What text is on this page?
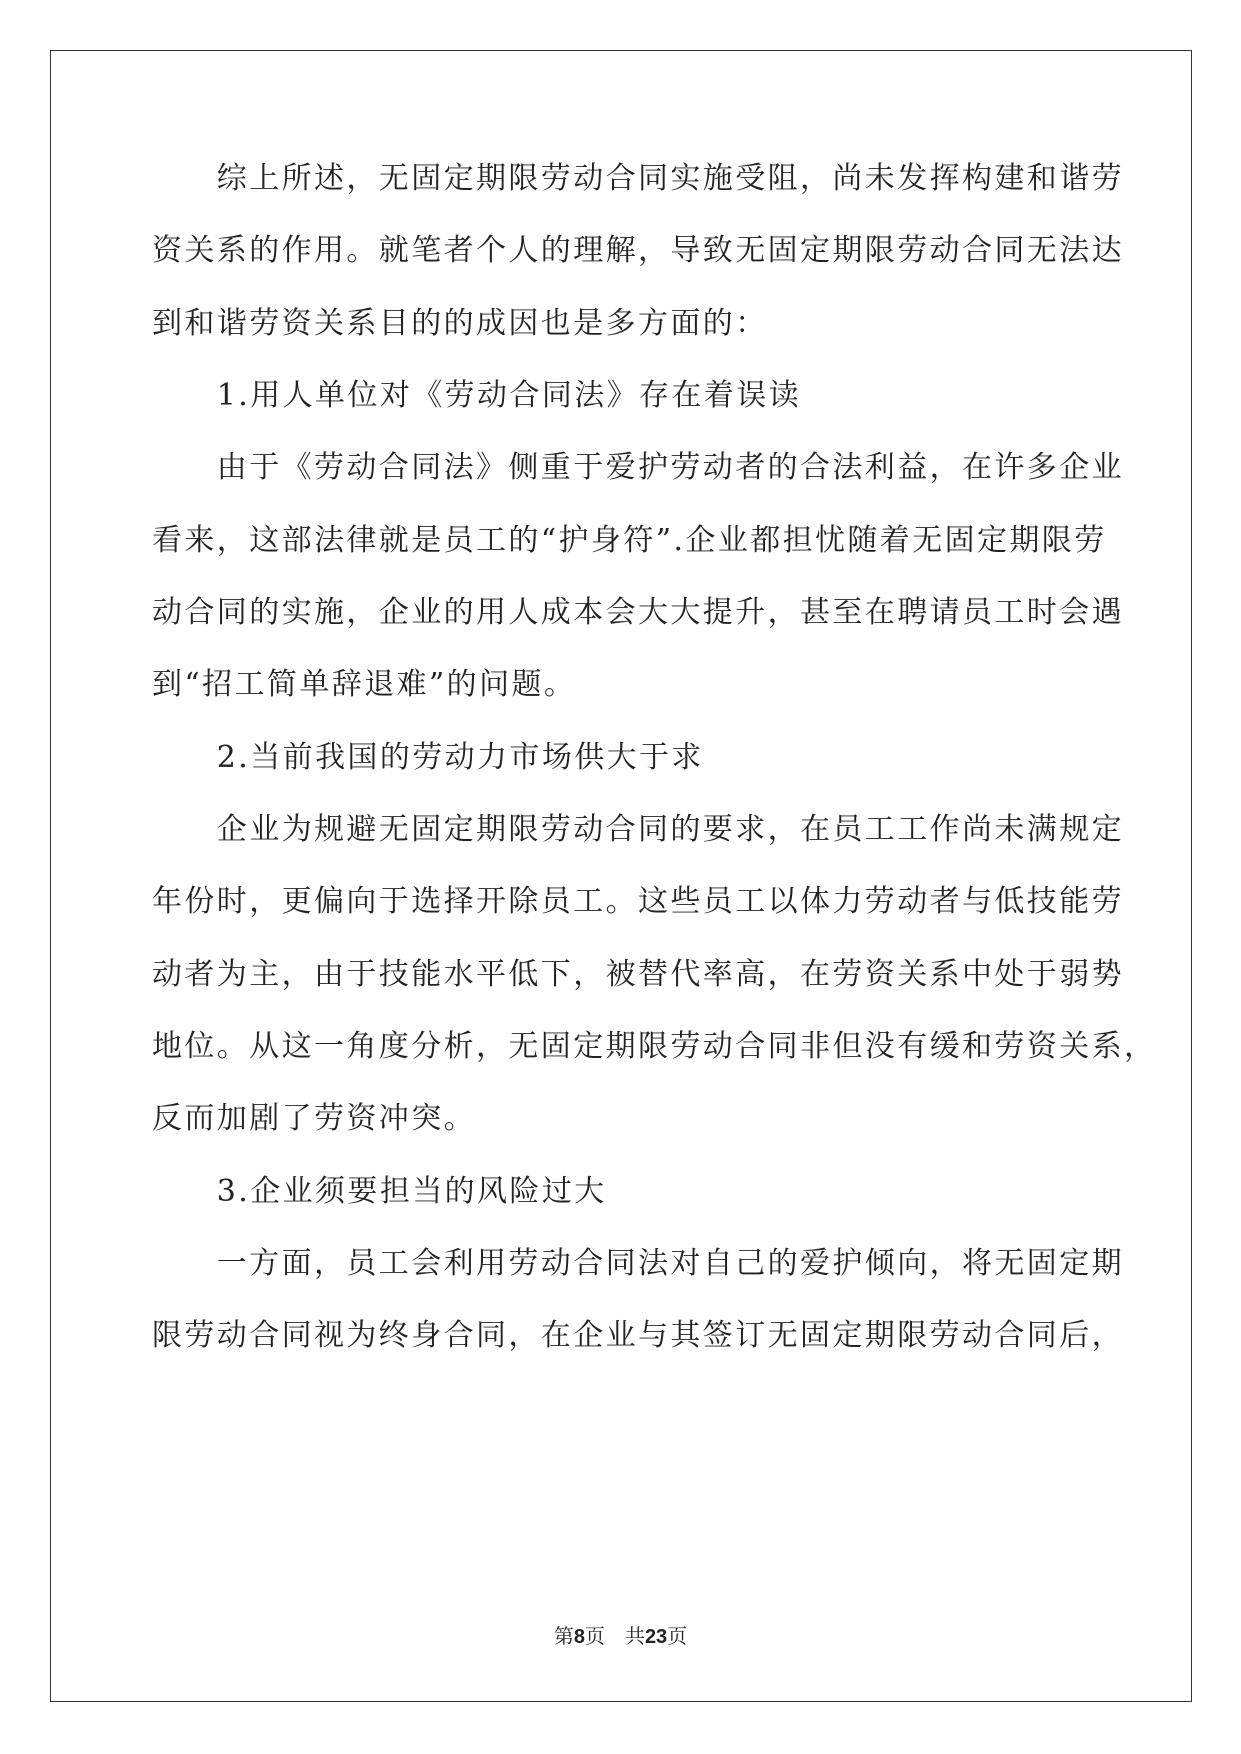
　　综上所述，无固定期限劳动合同实施受阻，尚未发挥构建和谐劳
资关系的作用。就笔者个人的理解，导致无固定期限劳动合同无法达
到和谐劳资关系目的的成因也是多方面的：
　　1.用人单位对《劳动合同法》存在着误读
　　由于《劳动合同法》侧重于爱护劳动者的合法利益，在许多企业
看来，这部法律就是员工的“护身符”.企业都担忧随着无固定期限劳
动合同的实施，企业的用人成本会大大提升，甚至在聘请员工时会遇
到“招工简单辞退难”的问题。
　　2.当前我国的劳动力市场供大于求
　　企业为规避无固定期限劳动合同的要求，在员工工作尚未满规定
年份时，更偏向于选择开除员工。这些员工以体力劳动者与低技能劳
动者为主，由于技能水平低下，被替代率高，在劳资关系中处于弱势
地位。从这一角度分析，无固定期限劳动合同非但没有缓和劳资关系，
反而加剧了劳资冲突。
　　3.企业须要担当的风险过大
　　一方面，员工会利用劳动合同法对自己的爱护倾向，将无固定期
限劳动合同视为终身合同，在企业与其签订无固定期限劳动合同后，
第8页 共23页
